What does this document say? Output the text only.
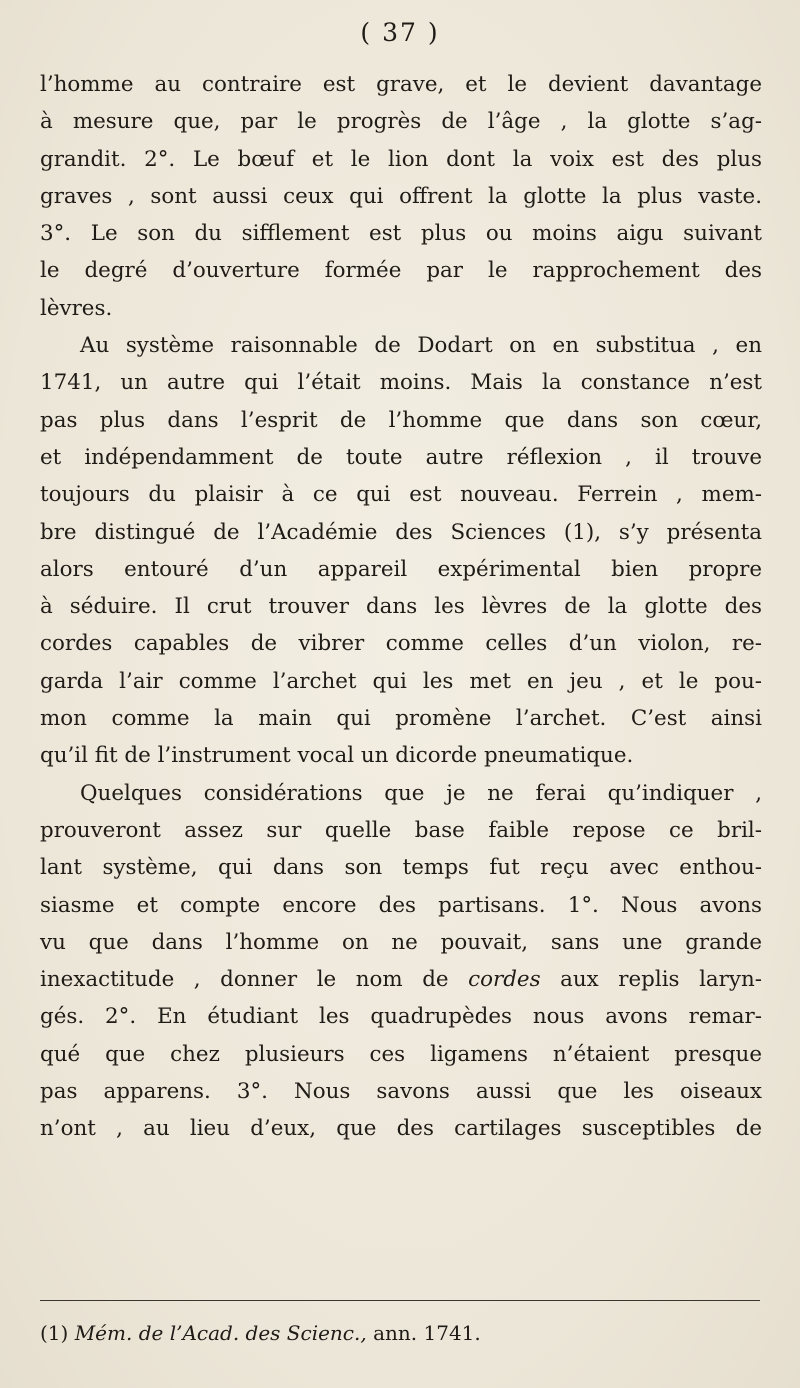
( 37 )
l’homme au contraire est grave, et le devient davantage
à mesure que, par le progrès de l’âge , la glotte s’ag-
grandit. 2°. Le bœuf et le lion dont la voix est des plus
graves , sont aussi ceux qui offrent la glotte la plus vaste.
3°. Le son du sifflement est plus ou moins aigu suivant
le degré d’ouverture formée par le rapprochement des
lèvres.
Au système raisonnable de Dodart on en substitua , en
1741, un autre qui l’était moins. Mais la constance n’est
pas plus dans l’esprit de l’homme que dans son cœur,
et indépendamment de toute autre réflexion , il trouve
toujours du plaisir à ce qui est nouveau. Ferrein , mem-
bre distingué de l’Académie des Sciences (1), s’y présenta
alors entouré d’un appareil expérimental bien propre
à séduire. Il crut trouver dans les lèvres de la glotte des
cordes capables de vibrer comme celles d’un violon, re-
garda l’air comme l’archet qui les met en jeu , et le pou-
mon comme la main qui promène l’archet. C’est ainsi
qu’il fit de l’instrument vocal un dicorde pneumatique.
Quelques considérations que je ne ferai qu’indiquer ,
prouveront assez sur quelle base faible repose ce bril-
lant système, qui dans son temps fut reçu avec enthou-
siasme et compte encore des partisans. 1°. Nous avons
vu que dans l’homme on ne pouvait, sans une grande
inexactitude , donner le nom de cordes aux replis laryn-
gés. 2°. En étudiant les quadrupèdes nous avons remar-
qué que chez plusieurs ces ligamens n’étaient presque
pas apparens. 3°. Nous savons aussi que les oiseaux
n’ont , au lieu d’eux, que des cartilages susceptibles de
(1) Mém. de l’Acad. des Scienc., ann. 1741.
